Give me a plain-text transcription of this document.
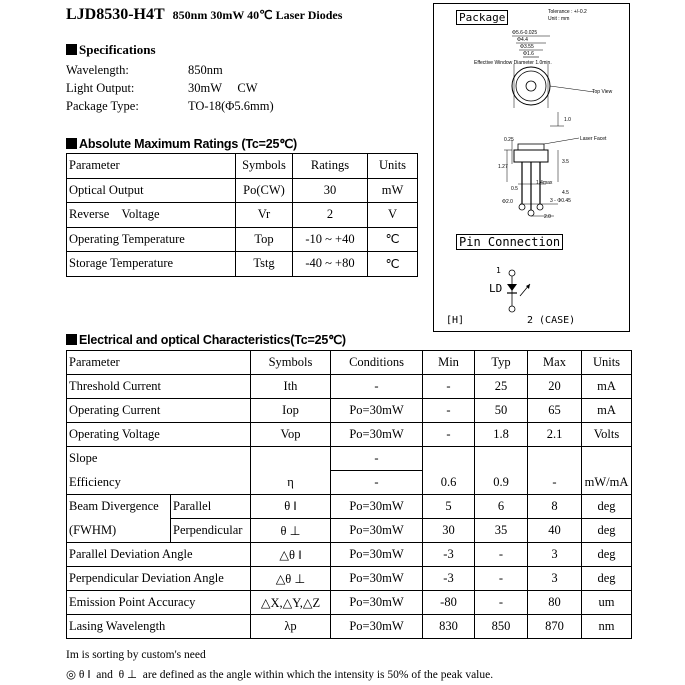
LJD8530-H4T 850nm 30mW 40℃ Laser Diodes
Specifications
Wavelength:	850nm
Light Output:	30mW     CW
Package Type:	TO-18(Φ5.6mm)
Absolute Maximum Ratings (Tc=25℃)
Parameter	Symbols	Ratings	Units
Optical Output	Po(CW)	30	mW
Reverse    Voltage	Vr	2	V
Operating Temperature	Top	-10 ~ +40	℃
Storage Temperature	Tstg	-40 ~ +80	℃
Package	Tolerance : +/-0.2
Unit : mm
Φ5.6-0.025
Φ4.4
Φ3.55
Φ1.6
Effective Window Diameter 1.0min.
Top View
Laser Facet
1.0
0.25
1.27
3.5
1.4max
3 - Φ0.45
0.5
4.5
2.0
Φ2.0
Pin Connection
1
LD
2 (CASE)
[H]
Electrical and optical Characteristics(Tc=25℃)
Parameter		Symbols	Conditions	Min	Typ	Max	Units
Threshold Current		Ith	-	-	25	20	mA
Operating Current		Iop	Po=30mW	-	50	65	mA
Operating Voltage		Vop	Po=30mW	-	1.8	2.1	Volts
Slope			-				
Efficiency		η	-	0.6	0.9	-	mW/mA
Beam Divergence	Parallel	θ ‖	Po=30mW	5	6	8	deg
(FWHM)	Perpendicular	θ ⊥	Po=30mW	30	35	40	deg
Parallel Deviation Angle		△θ ‖	Po=30mW	-3	-	3	deg
Perpendicular Deviation Angle		△θ ⊥	Po=30mW	-3	-	3	deg
Emission Point Accuracy		△X,△Y,△Z	Po=30mW	-80	-	80	um
Lasing Wavelength		λp	Po=30mW	830	850	870	nm
Im is sorting by custom's need
◎ θ ‖  and  θ ⊥  are defined as the angle within which the intensity is 50% of the peak value.
